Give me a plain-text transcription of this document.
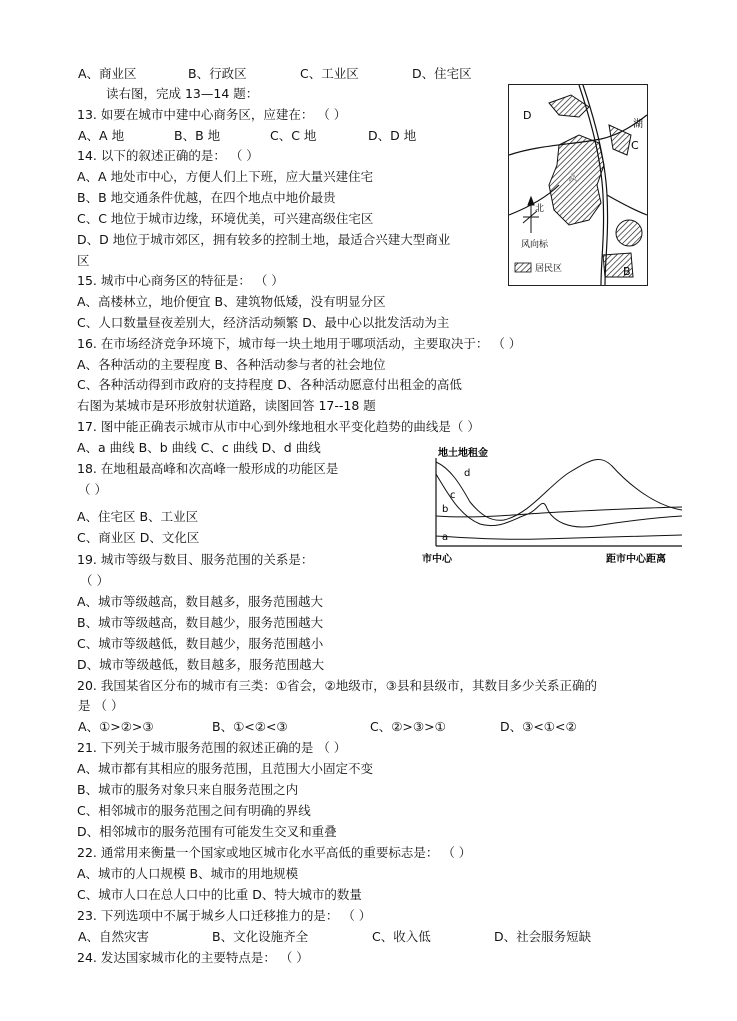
A、商业区	B、行政区	C、工业区	D、住宅区
读右图，完成 13—14 题：
13. 如要在城市中建中心商务区，应建在： （ ）
A、A 地	B、B 地	C、C 地	D、D 地
14. 以下的叙述正确的是： （ ）
A、A 地处市中心，方便人们上下班，应大量兴建住宅
B、B 地交通条件优越，在四个地点中地价最贵
C、C 地位于城市边缘，环境优美，可兴建高级住宅区
D、D 地位于城市郊区，拥有较多的控制土地，最适合兴建大型商业
区
15. 城市中心商务区的特征是： （ ）
A、高楼林立，地价便宜 B、建筑物低矮，没有明显分区
C、人口数量昼夜差别大，经济活动频繁 D、最中心以批发活动为主
16. 在市场经济竞争环境下，城市每一块土地用于哪项活动，主要取决于： （ ）
A、各种活动的主要程度 B、各种活动参与者的社会地位
C、各种活动得到市政府的支持程度 D、各种活动愿意付出租金的高低
右图为某城市是环形放射状道路，读图回答 17--18 题
17. 图中能正确表示城市从市中心到外缘地租水平变化趋势的曲线是（ ）
A、a 曲线 B、b 曲线 C、c 曲线 D、d 曲线
18. 在地租最高峰和次高峰一般形成的功能区是
（ ）
A、住宅区 B、工业区
C、商业区 D、文化区
19. 城市等级与数目、服务范围的关系是：
（ ）
A、城市等级越高，数目越多，服务范围越大
B、城市等级越高，数目越少，服务范围越大
C、城市等级越低，数目越少，服务范围越小
D、城市等级越低，数目越多，服务范围越大
20. 我国某省区分布的城市有三类：①省会，②地级市，③县和县级市，其数目多少关系正确的
是 （ ）
A、①>②>③	B、①<②<③	C、②>③>①	D、③<①<②
21. 下列关于城市服务范围的叙述正确的是 （ ）
A、城市都有其相应的服务范围，且范围大小固定不变
B、城市的服务对象只来自服务范围之内
C、相邻城市的服务范围之间有明确的界线
D、相邻城市的服务范围有可能发生交叉和重叠
22. 通常用来衡量一个国家或地区城市化水平高低的重要标志是： （ ）
A、城市的人口规模 B、城市的用地规模
C、城市人口在总人口中的比重 D、特大城市的数量
23. 下列选项中不属于城乡人口迁移推力的是： （ ）
A、自然灾害	B、文化设施齐全	C、收入低	D、社会服务短缺
24. 发达国家城市化的主要特点是： （ ）
D
C
B
A
湖
北
风向标
居民区
地土地租金
a
b
c
d
市中心	距市中心距离
